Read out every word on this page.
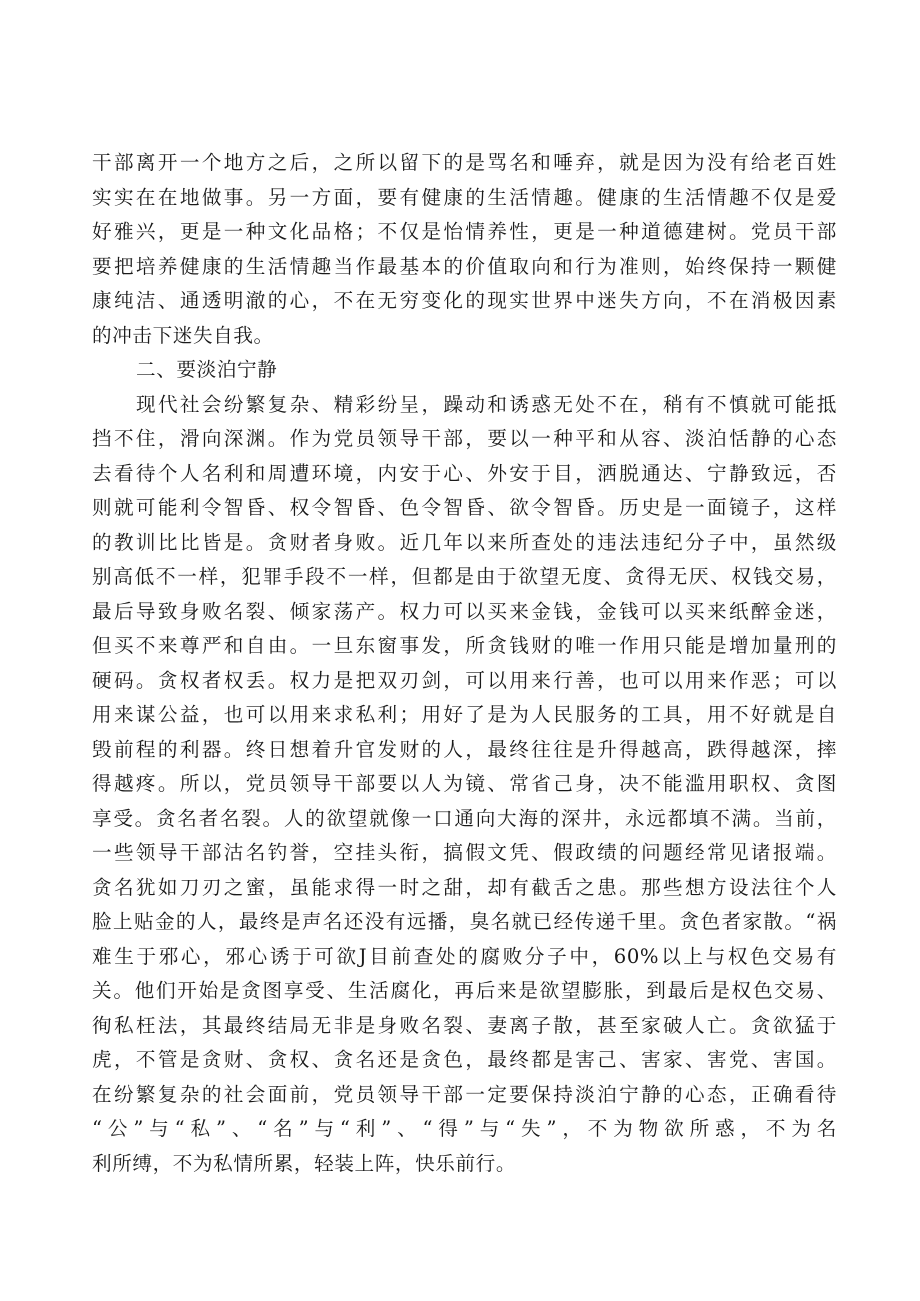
干部离开一个地方之后，之所以留下的是骂名和唾弃，就是因为没有给老百姓
实实在在地做事。另一方面，要有健康的生活情趣。健康的生活情趣不仅是爱
好雅兴，更是一种文化品格；不仅是怡情养性，更是一种道德建树。党员干部
要把培养健康的生活情趣当作最基本的价值取向和行为准则，始终保持一颗健
康纯洁、通透明澈的心，不在无穷变化的现实世界中迷失方向，不在消极因素
的冲击下迷失自我。
二、要淡泊宁静
现代社会纷繁复杂、精彩纷呈，躁动和诱惑无处不在，稍有不慎就可能抵
挡不住，滑向深渊。作为党员领导干部，要以一种平和从容、淡泊恬静的心态
去看待个人名利和周遭环境，内安于心、外安于目，洒脱通达、宁静致远，否
则就可能利令智昏、权令智昏、色令智昏、欲令智昏。历史是一面镜子，这样
的教训比比皆是。贪财者身败。近几年以来所查处的违法违纪分子中，虽然级
别高低不一样，犯罪手段不一样，但都是由于欲望无度、贪得无厌、权钱交易，
最后导致身败名裂、倾家荡产。权力可以买来金钱，金钱可以买来纸醉金迷，
但买不来尊严和自由。一旦东窗事发，所贪钱财的唯一作用只能是增加量刑的
硬码。贪权者权丢。权力是把双刃剑，可以用来行善，也可以用来作恶；可以
用来谋公益，也可以用来求私利；用好了是为人民服务的工具，用不好就是自
毁前程的利器。终日想着升官发财的人，最终往往是升得越高，跌得越深，摔
得越疼。所以，党员领导干部要以人为镜、常省己身，决不能滥用职权、贪图
享受。贪名者名裂。人的欲望就像一口通向大海的深井，永远都填不满。当前，
一些领导干部沽名钓誉，空挂头衔，搞假文凭、假政绩的问题经常见诸报端。
贪名犹如刀刃之蜜，虽能求得一时之甜，却有截舌之患。那些想方设法往个人
脸上贴金的人，最终是声名还没有远播，臭名就已经传递千里。贪色者家散。“祸
难生于邪心，邪心诱于可欲J目前查处的腐败分子中，60%以上与权色交易有
关。他们开始是贪图享受、生活腐化，再后来是欲望膨胀，到最后是权色交易、
徇私枉法，其最终结局无非是身败名裂、妻离子散，甚至家破人亡。贪欲猛于
虎，不管是贪财、贪权、贪名还是贪色，最终都是害己、害家、害党、害国。
在纷繁复杂的社会面前，党员领导干部一定要保持淡泊宁静的心态，正确看待
“公”与“私”、“名”与“利”、“得”与“失”，不为物欲所惑，不为名
利所缚，不为私情所累，轻装上阵，快乐前行。
